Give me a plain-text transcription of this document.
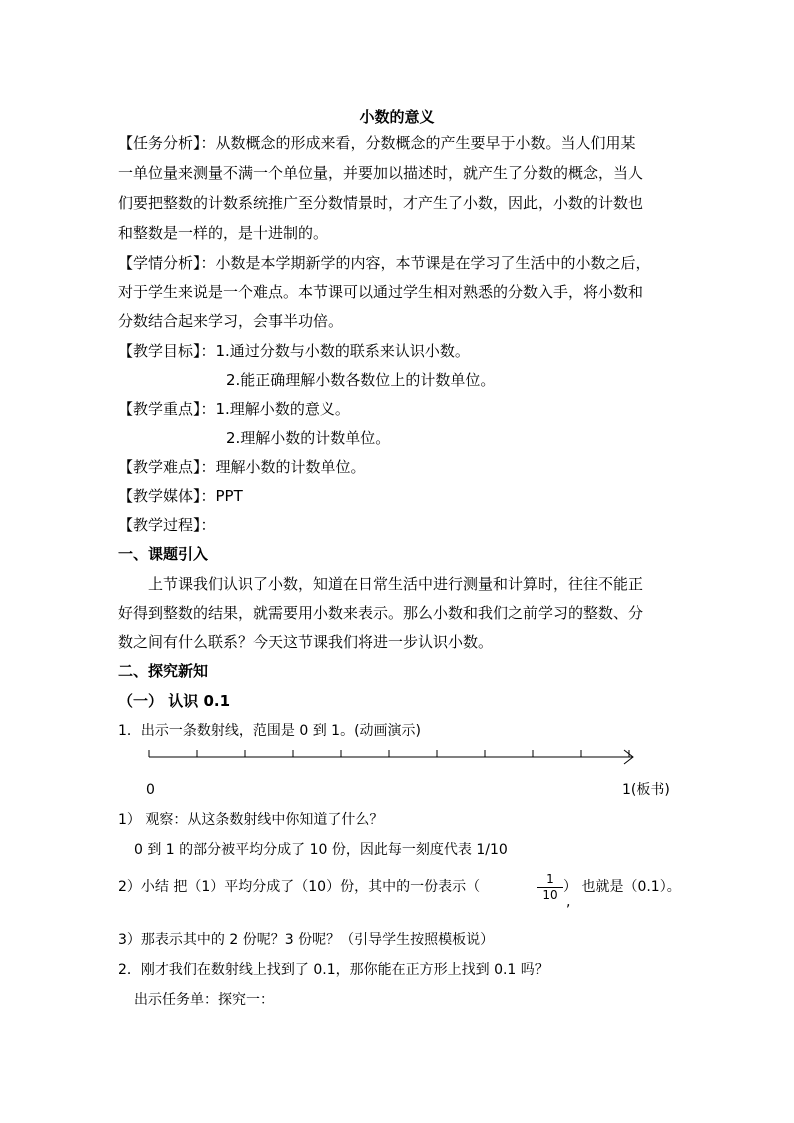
小数的意义
【任务分析】：从数概念的形成来看，分数概念的产生要早于小数。当人们用某
一单位量来测量不满一个单位量，并要加以描述时，就产生了分数的概念，当人
们要把整数的计数系统推广至分数情景时，才产生了小数，因此，小数的计数也
和整数是一样的，是十进制的。
【学情分析】：小数是本学期新学的内容，本节课是在学习了生活中的小数之后，
对于学生来说是一个难点。本节课可以通过学生相对熟悉的分数入手，将小数和
分数结合起来学习，会事半功倍。
【教学目标】：1.通过分数与小数的联系来认识小数。
2.能正确理解小数各数位上的计数单位。
【教学重点】：1.理解小数的意义。
2.理解小数的计数单位。
【教学难点】：理解小数的计数单位。
【教学媒体】：PPT
【教学过程】：
一、课题引入
上节课我们认识了小数，知道在日常生活中进行测量和计算时，往往不能正
好得到整数的结果，就需要用小数来表示。那么小数和我们之前学习的整数、分
数之间有什么联系？今天这节课我们将进一步认识小数。
二、探究新知
（一） 认识 0.1
1．出示一条数射线，范围是 0 到 1。(动画演示)
0	1(板书)
1） 观察：从这条数射线中你知道了什么？
0 到 1 的部分被平均分成了 10 份，因此每一刻度代表 1/10
2）小结 把（1）平均分成了（10）份，其中的一份表示（	$\frac{1}{10}$ ） 也就是（0.1）。
,
3）那表示其中的 2 份呢？3 份呢？（引导学生按照模板说）
2．刚才我们在数射线上找到了 0.1，那你能在正方形上找到 0.1 吗？
出示任务单：探究一：
